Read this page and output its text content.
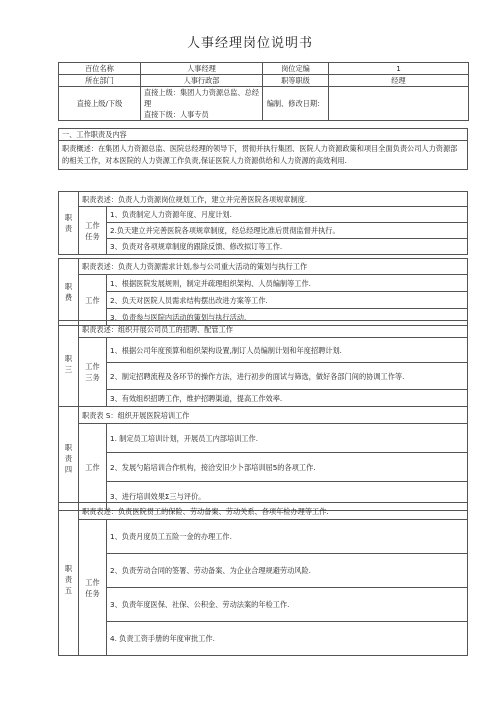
人事经理岗位说明书
百位名称	人事经理	岗位定编	1
所在部门	人事行政部	职等职级	经理
直接上级/下级	直接上级：集团人力资源总监、总经理
直接下级：人事专员	编制、修改日期：	
一、工作职责及内容
职责概述：在集团人力资源总监、医院总经理的领导下，贯彻并执行集团、医院人力资源政策和项目全面负责公司人力资源部的相关工作，对本医院的人力资源工作负责,保证医院人力资源供给和人力资源的高效利用.
职责	职责表述：负责人力资源岗位规划工作，建立并完善医院各项规章制度.	
	工作任务	1、负责制定人力资源年度、月度计划.
		2.负天建立并完善医院各项规章制度，经总经理比准后贯彻监督并执行。
		3、负责对各项规章制度的跟除反馈、修改拟订等工作.
职费	职责表述：负责人力资源需求计划,参与公司重大活动的策划与执行工作	
	工作	1、根据医院发展规则，制定并疏理组织架构、人员编制等工作.
		2、负天对医院人员需求结构摆出改进方案等工作.
		3、负责参与医院内活动的策划与执行活动.
职三	职责表述：组织开展公司员工的招聘、配管工作	
	工作三务	1、根据公司年度预算和组织架构设置,制订人员编制计划和年度招聘计划.
		2、制定招聘流程及各环节的操作方法，进行初步的面试与筛选，做好各部门间的协调工作等.
		3、有效组织招聘工作，维护招聘渠道，提高工作效率.
职责四	职责表 S：组织开展医院培训工作	
	工作	1. 制定员工培训计划，开展员工内部培训工作.
		2、发展勺陷培训合作机构，接洽安旧少卜部培训屈5的各项工作.
		3、进行培训效果Σ三与评价。
职责五	职责表述：负责医院贯工的保险、劳动备案、劳动关系、各项年检办理等工作.	
	工作任务	1、负责月度员工五险一金的办理工作.
		2、负责劳动合同的签署、劳动备案、为企业合理规避劳动风险.
		3、负责年度医保、社保、公积金、劳动法案的年检工作.
		4. 负责工资手册的年度审批工作.
